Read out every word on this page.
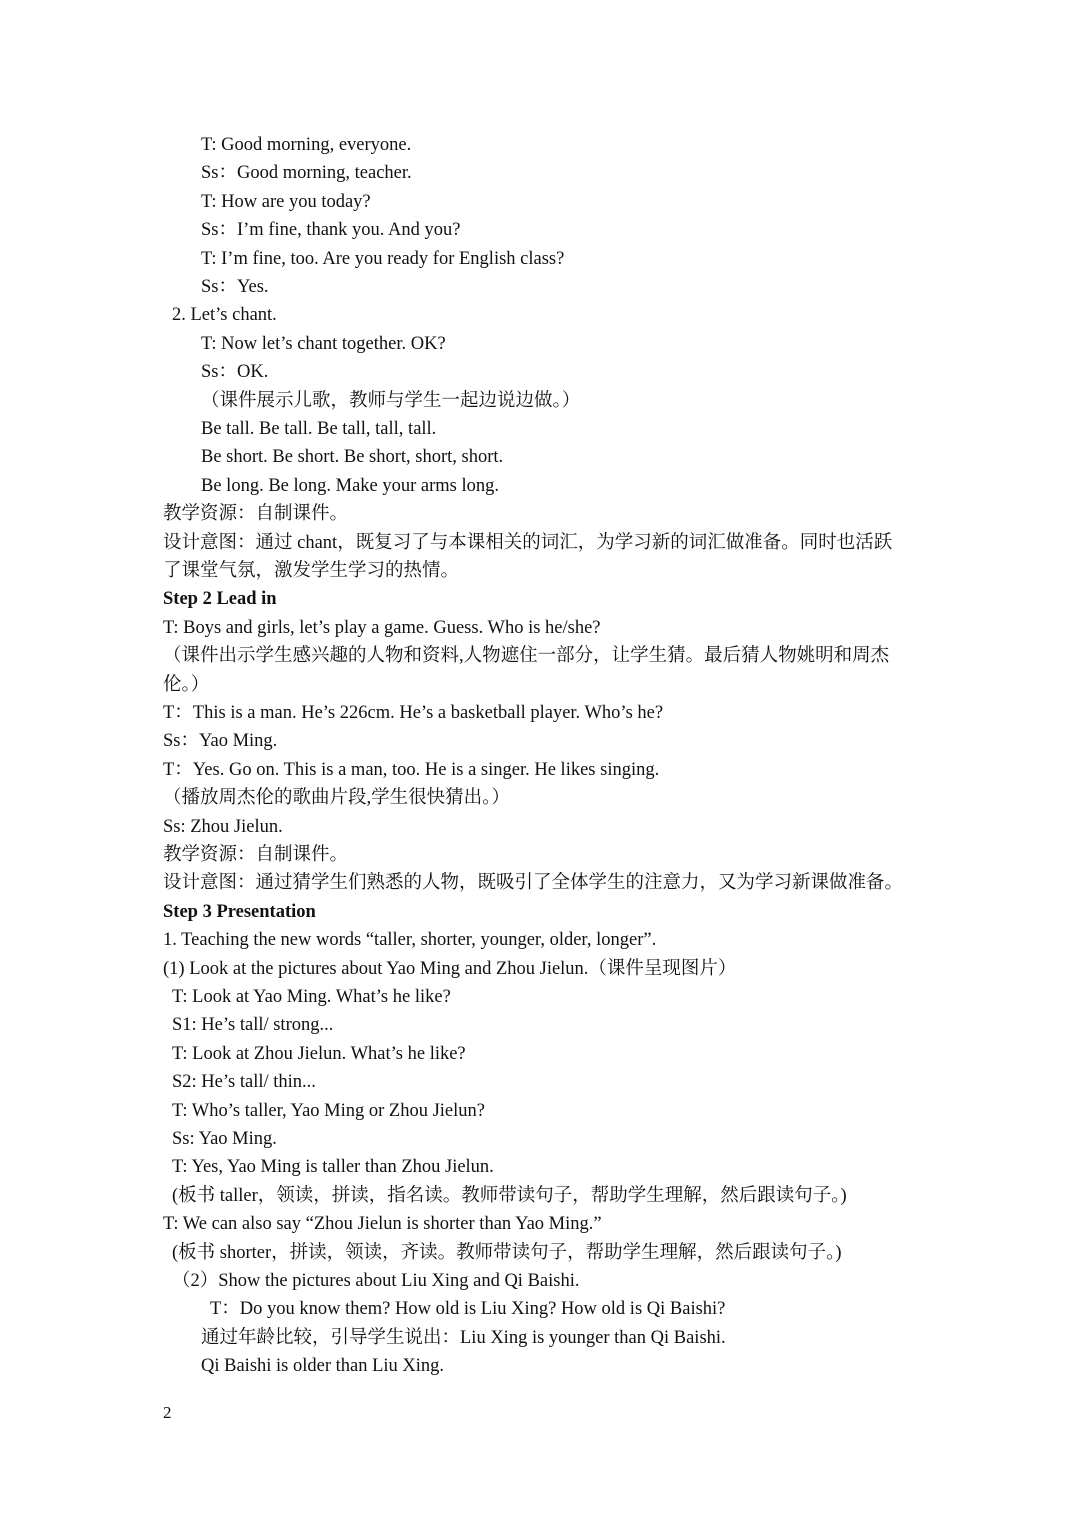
T: Good morning, everyone.
Ss：Good morning, teacher.
T: How are you today?
Ss：I’m fine, thank you. And you?
T: I’m fine, too. Are you ready for English class?
Ss：Yes.
2. Let’s chant.
T: Now let’s chant together. OK?
Ss：OK.
（课件展示儿歌，教师与学生一起边说边做。）
Be tall. Be tall. Be tall, tall, tall.
Be short. Be short. Be short, short, short.
Be long. Be long. Make your arms long.
教学资源：自制课件。
设计意图：通过 chant，既复习了与本课相关的词汇，为学习新的词汇做准备。同时也活跃
了课堂气氛，激发学生学习的热情。
Step 2 Lead in
T: Boys and girls, let’s play a game. Guess. Who is he/she?
（课件出示学生感兴趣的人物和资料,人物遮住一部分，让学生猜。最后猜人物姚明和周杰
伦。）
T：This is a man. He’s 226cm. He’s a basketball player. Who’s he?
Ss：Yao Ming.
T：Yes. Go on. This is a man, too. He is a singer. He likes singing.
（播放周杰伦的歌曲片段,学生很快猜出。）
Ss: Zhou Jielun.
教学资源：自制课件。
设计意图：通过猜学生们熟悉的人物，既吸引了全体学生的注意力，又为学习新课做准备。
Step 3 Presentation
1. Teaching the new words “taller, shorter, younger, older, longer”.
(1) Look at the pictures about Yao Ming and Zhou Jielun.（课件呈现图片）
T: Look at Yao Ming. What’s he like?
S1: He’s tall/ strong...
T: Look at Zhou Jielun. What’s he like?
S2: He’s tall/ thin...
T: Who’s taller, Yao Ming or Zhou Jielun?
Ss: Yao Ming.
T: Yes, Yao Ming is taller than Zhou Jielun.
(板书 taller，领读，拼读，指名读。教师带读句子，帮助学生理解，然后跟读句子。)
T: We can also say “Zhou Jielun is shorter than Yao Ming.”
(板书 shorter，拼读，领读，齐读。教师带读句子，帮助学生理解，然后跟读句子。)
（2）Show the pictures about Liu Xing and Qi Baishi.
T：Do you know them? How old is Liu Xing? How old is Qi Baishi?
通过年龄比较，引导学生说出：Liu Xing is younger than Qi Baishi.
Qi Baishi is older than Liu Xing.
2
